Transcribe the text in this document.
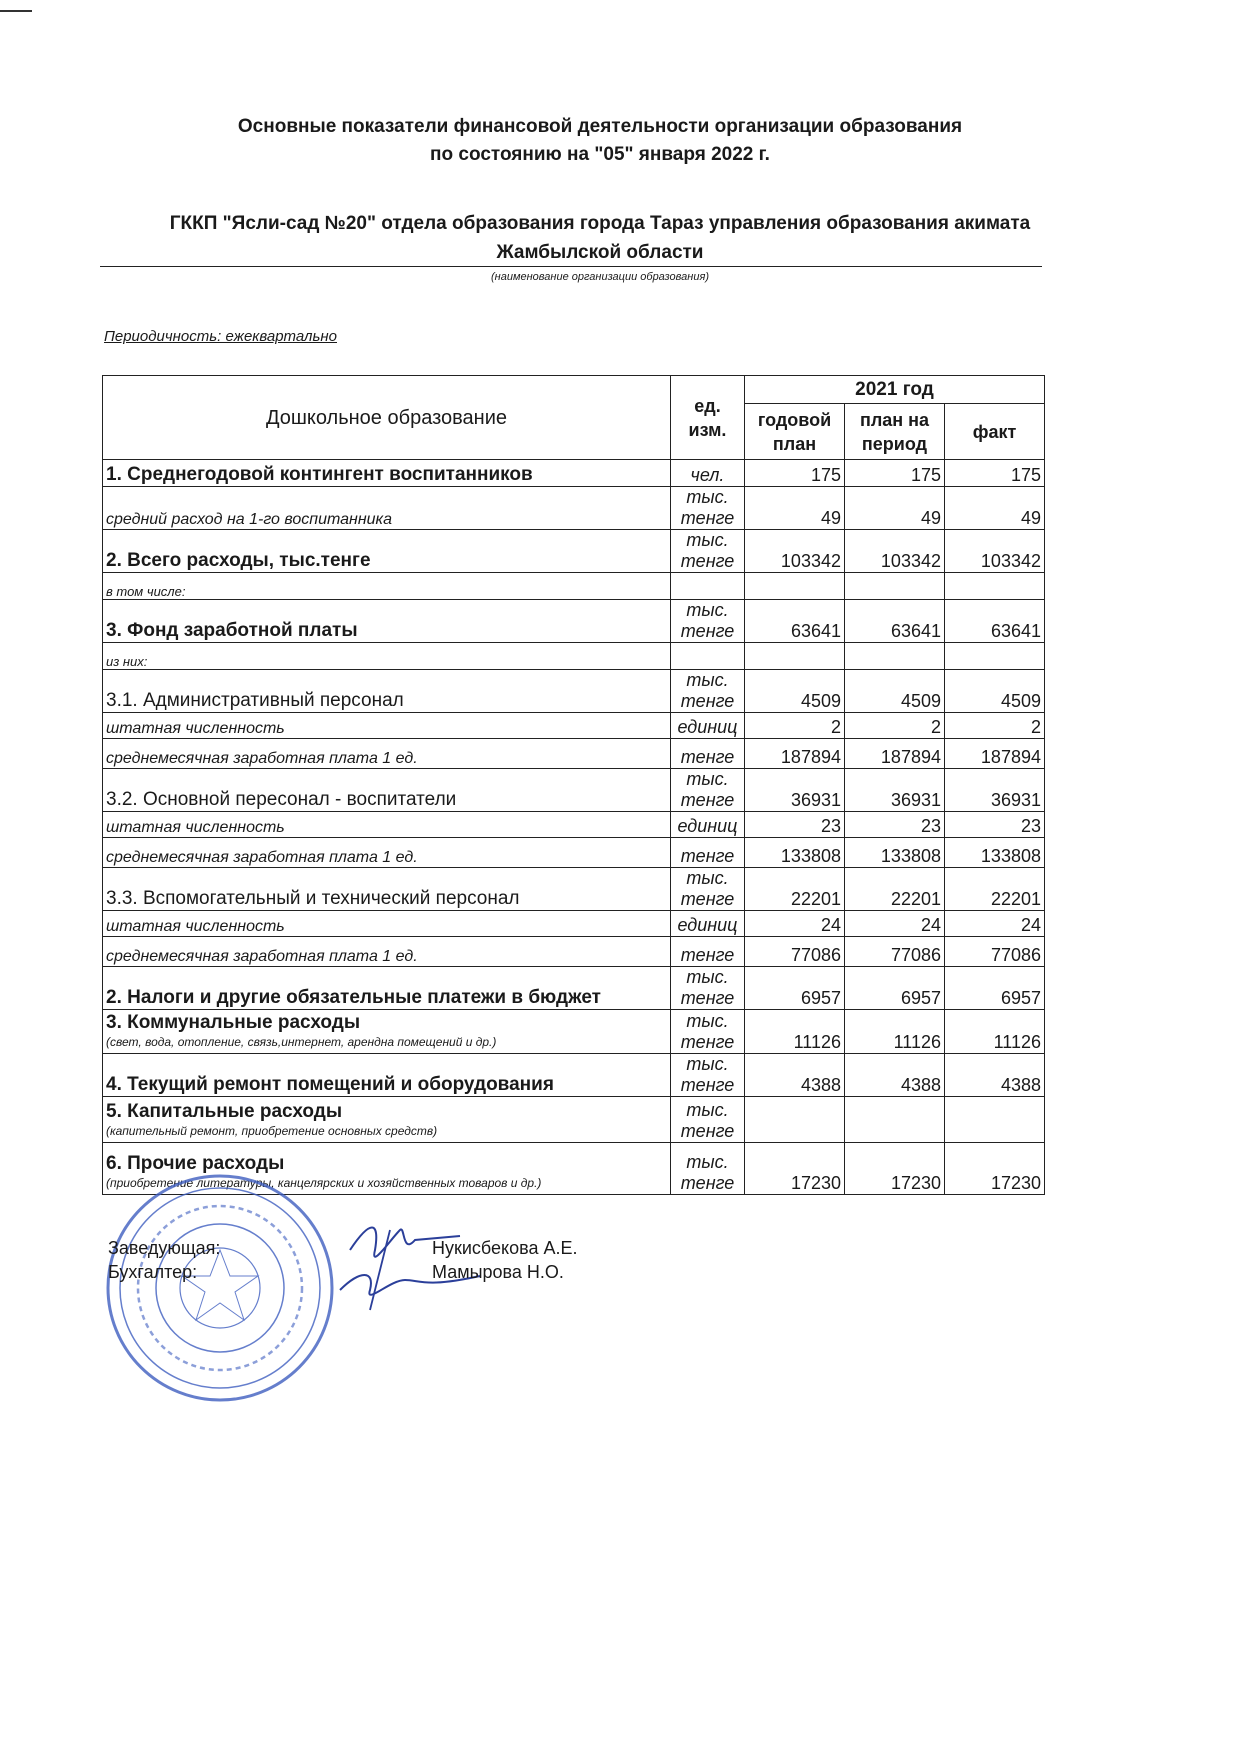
Основные показатели финансовой деятельности организации образования
по состоянию на "05" января 2022 г.
ГККП "Ясли-сад №20" отдела образования города Тараз управления образования акимата
Жамбылской области
(наименование организации образования)
Периодичность: ежеквартально
Дошкольное образование	ед. изм.	2021 год		
		годовой план	план на период	факт
1. Среднегодовой контингент воспитанников	чел.	175	175	175
средний расход на 1-го воспитанника	тыс. тенге	49	49	49
2. Всего расходы, тыс.тенге	тыс. тенге	103342	103342	103342
в том числе:				
3. Фонд заработной платы	тыс. тенге	63641	63641	63641
из них:				
3.1. Административный персонал	тыс. тенге	4509	4509	4509
штатная численность	единиц	2	2	2
среднемесячная заработная плата 1 ед.	тенге	187894	187894	187894
3.2. Основной пересонал - воспитатели	тыс. тенге	36931	36931	36931
штатная численность	единиц	23	23	23
среднемесячная заработная плата 1 ед.	тенге	133808	133808	133808
3.3. Вспомогательный и технический персонал	тыс. тенге	22201	22201	22201
штатная численность	единиц	24	24	24
среднемесячная заработная плата 1 ед.	тенге	77086	77086	77086
2. Налоги и другие обязательные платежи в бюджет	тыс. тенге	6957	6957	6957

3. Коммунальные расходы
(свет, вода, отопление, связь,интернет, арендна помещений и др.)	тыс. тенге	11126	11126	11126
4. Текущий ремонт помещений и оборудования	тыс. тенге	4388	4388	4388

5. Капитальные расходы
(капительный ремонт, приобретение основных средств)	тыс. тенге			

6. Прочие расходы
(приобретение литературы, канцелярских и хозяйственных товаров и др.)	тыс. тенге	17230	17230	17230
Заведующая:
Бухгалтер:
Нукисбекова А.Е.
Мамырова Н.О.
